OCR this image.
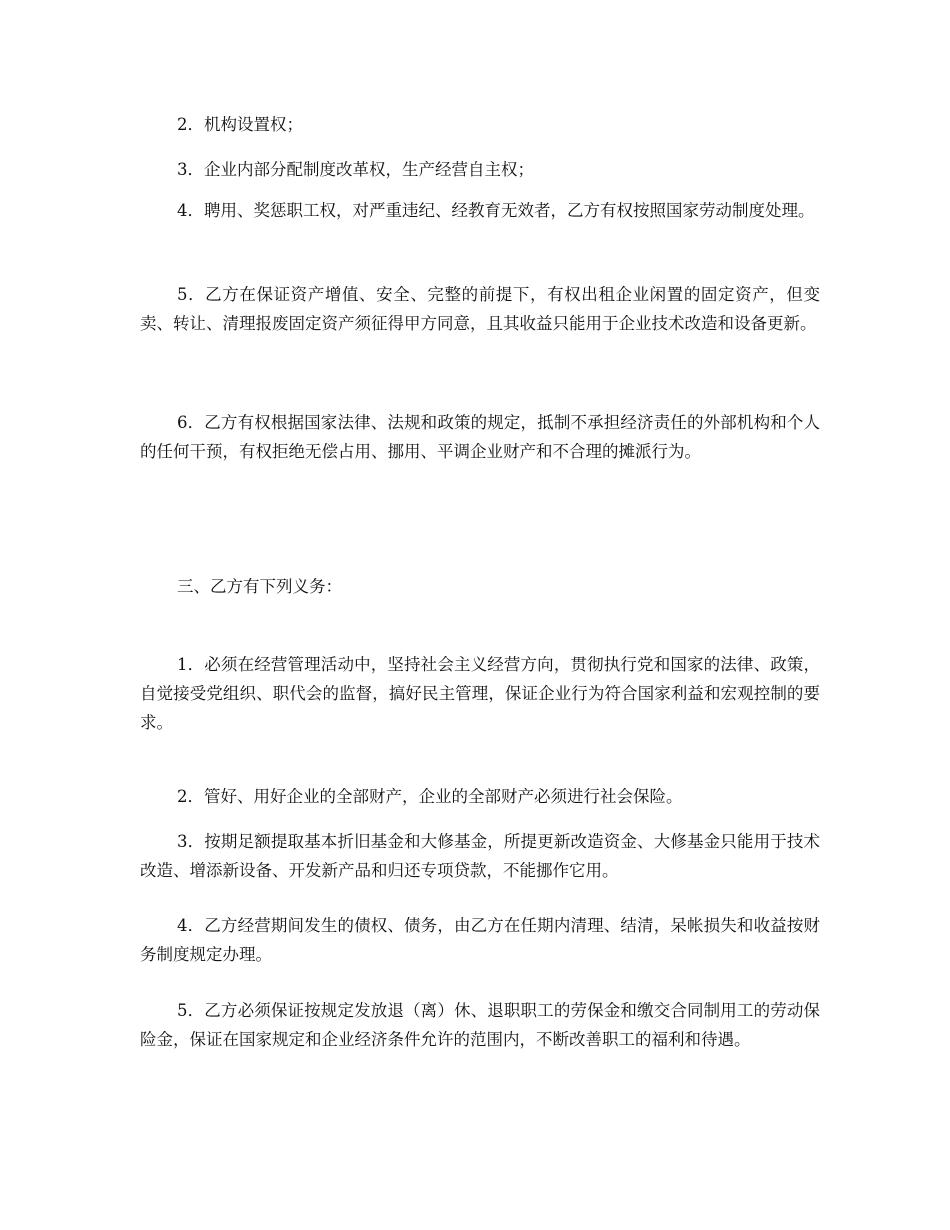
2．机构设置权；

3．企业内部分配制度改革权，生产经营自主权；

4．聘用、奖惩职工权，对严重违纪、经教育无效者，乙方有权按照国家劳动制度处理。

5．乙方在保证资产增值、安全、完整的前提下，有权出租企业闲置的固定资产，但变卖、转让、清理报废固定资产须征得甲方同意，且其收益只能用于企业技术改造和设备更新。

6．乙方有权根据国家法律、法规和政策的规定，抵制不承担经济责任的外部机构和个人的任何干预，有权拒绝无偿占用、挪用、平调企业财产和不合理的摊派行为。

三、乙方有下列义务：

1．必须在经营管理活动中，坚持社会主义经营方向，贯彻执行党和国家的法律、政策，自觉接受党组织、职代会的监督，搞好民主管理，保证企业行为符合国家利益和宏观控制的要求。

2．管好、用好企业的全部财产，企业的全部财产必须进行社会保险。

3．按期足额提取基本折旧基金和大修基金，所提更新改造资金、大修基金只能用于技术改造、增添新设备、开发新产品和归还专项贷款，不能挪作它用。

4．乙方经营期间发生的债权、债务，由乙方在任期内清理、结清，呆帐损失和收益按财务制度规定办理。

5．乙方必须保证按规定发放退（离）休、退职职工的劳保金和缴交合同制用工的劳动保险金，保证在国家规定和企业经济条件允许的范围内，不断改善职工的福利和待遇。
